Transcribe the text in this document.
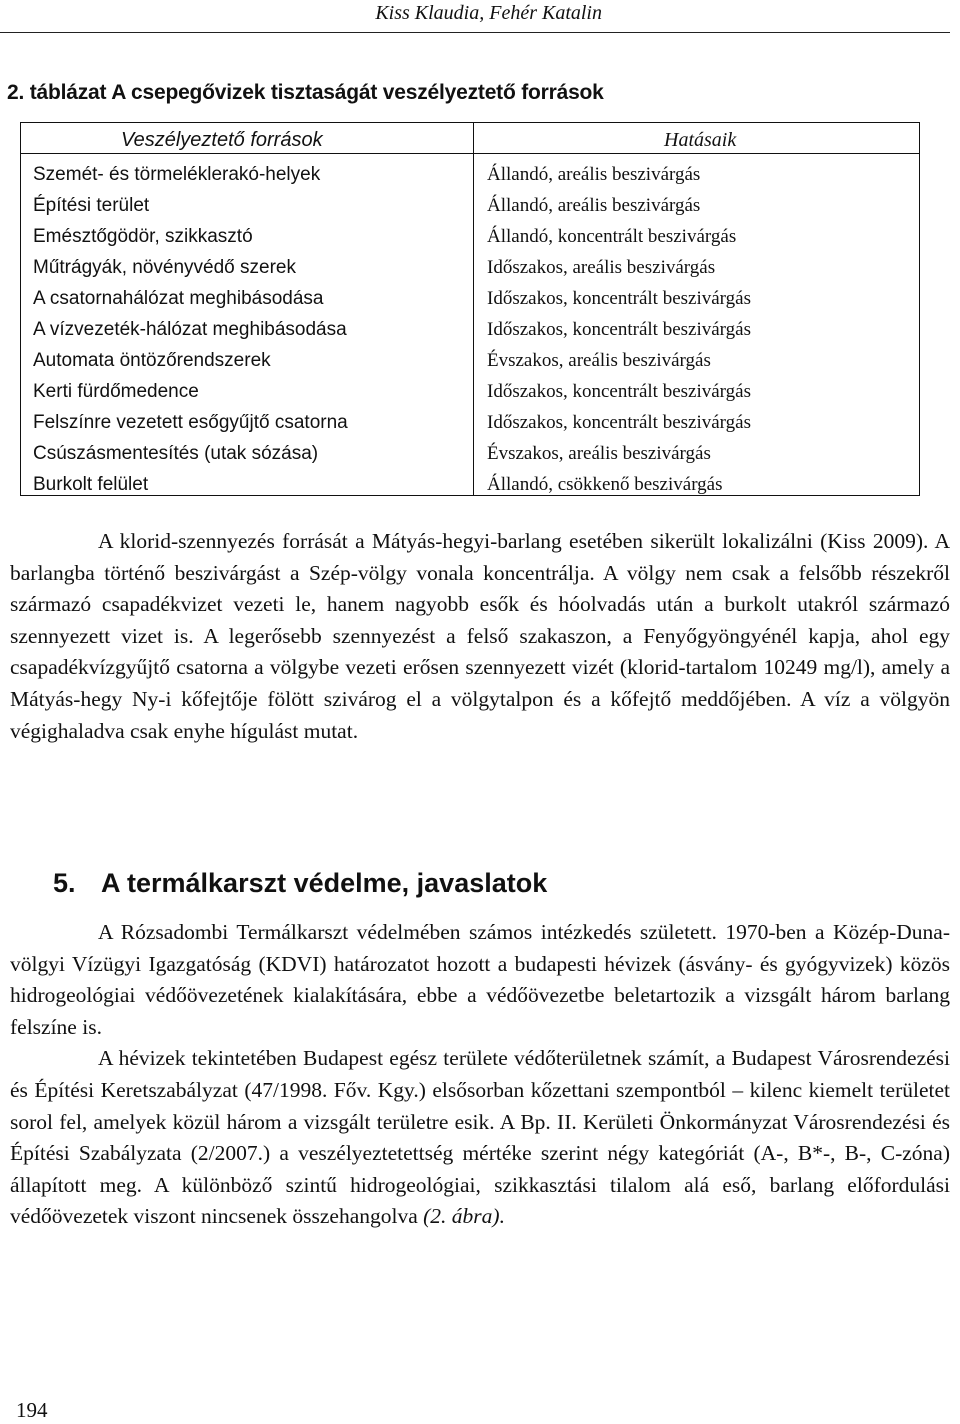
Kiss Klaudia, Fehér Katalin
2. táblázat A csepegővizek tisztaságát veszélyeztető források
Veszélyeztető források	Hatásaik
Szemét- és törmeléklerakó-helyek
Építési terület
Emésztőgödör, szikkasztó
Műtrágyák, növényvédő szerek
A csatornahálózat meghibásodása
A vízvezeték-hálózat meghibásodása
Automata öntözőrendszerek
Kerti fürdőmedence
Felszínre vezetett esőgyűjtő csatorna
Csúszásmentesítés (utak sózása)
Burkolt felület
Állandó, areális beszivárgás
Állandó, areális beszivárgás
Állandó, koncentrált beszivárgás
Időszakos, areális beszivárgás
Időszakos, koncentrált beszivárgás
Időszakos, koncentrált beszivárgás
Évszakos, areális beszivárgás
Időszakos, koncentrált beszivárgás
Időszakos, koncentrált beszivárgás
Évszakos, areális beszivárgás
Állandó, csökkenő beszivárgás

A klorid-szennyezés forrását a Mátyás-hegyi-barlang esetében sikerült lokalizálni (Kiss 2009). A barlangba történő beszivárgást a Szép-völgy vonala koncentrálja. A völgy nem csak a felsőbb részekről származó csapadékvizet vezeti le, hanem nagyobb esők és hóolvadás után a burkolt utakról származó szennyezett vizet is. A legerősebb szennyezést a felső szakaszon, a Fenyőgyöngyénél kapja, ahol egy csapadékvízgyűjtő csatorna a völgybe vezeti erősen szennyezett vizét (klorid-tartalom 10249 mg/l), amely a Mátyás-hegy Ny-i kőfejtője fölött szivárog el a völgytalpon és a kőfejtő meddőjében. A víz a völgyön végighaladva csak enyhe hígulást mutat.

5. A termálkarszt védelme, javaslatok

A Rózsadombi Termálkarszt védelmében számos intézkedés született. 1970-ben a Közép-Duna-völgyi Vízügyi Igazgatóság (KDVI) határozatot hozott a budapesti hévizek (ásvány- és gyógyvizek) közös hidrogeológiai védőövezetének kialakítására, ebbe a védőövezetbe beletartozik a vizsgált három barlang felszíne is.

A hévizek tekintetében Budapest egész területe védőterületnek számít, a Budapest Városrendezési és Építési Keretszabályzat (47/1998. Főv. Kgy.) elsősorban kőzettani szempontból – kilenc kiemelt területet sorol fel, amelyek közül három a vizsgált területre esik. A Bp. II. Kerületi Önkormányzat Városrendezési és Építési Szabályzata (2/2007.) a veszélyeztetettség mértéke szerint négy kategóriát (A-, B*-, B-, C-zóna) állapított meg. A különböző szintű hidrogeológiai, szikkasztási tilalom alá eső, barlang előfordulási védőövezetek viszont nincsenek összehangolva (2. ábra).

194
